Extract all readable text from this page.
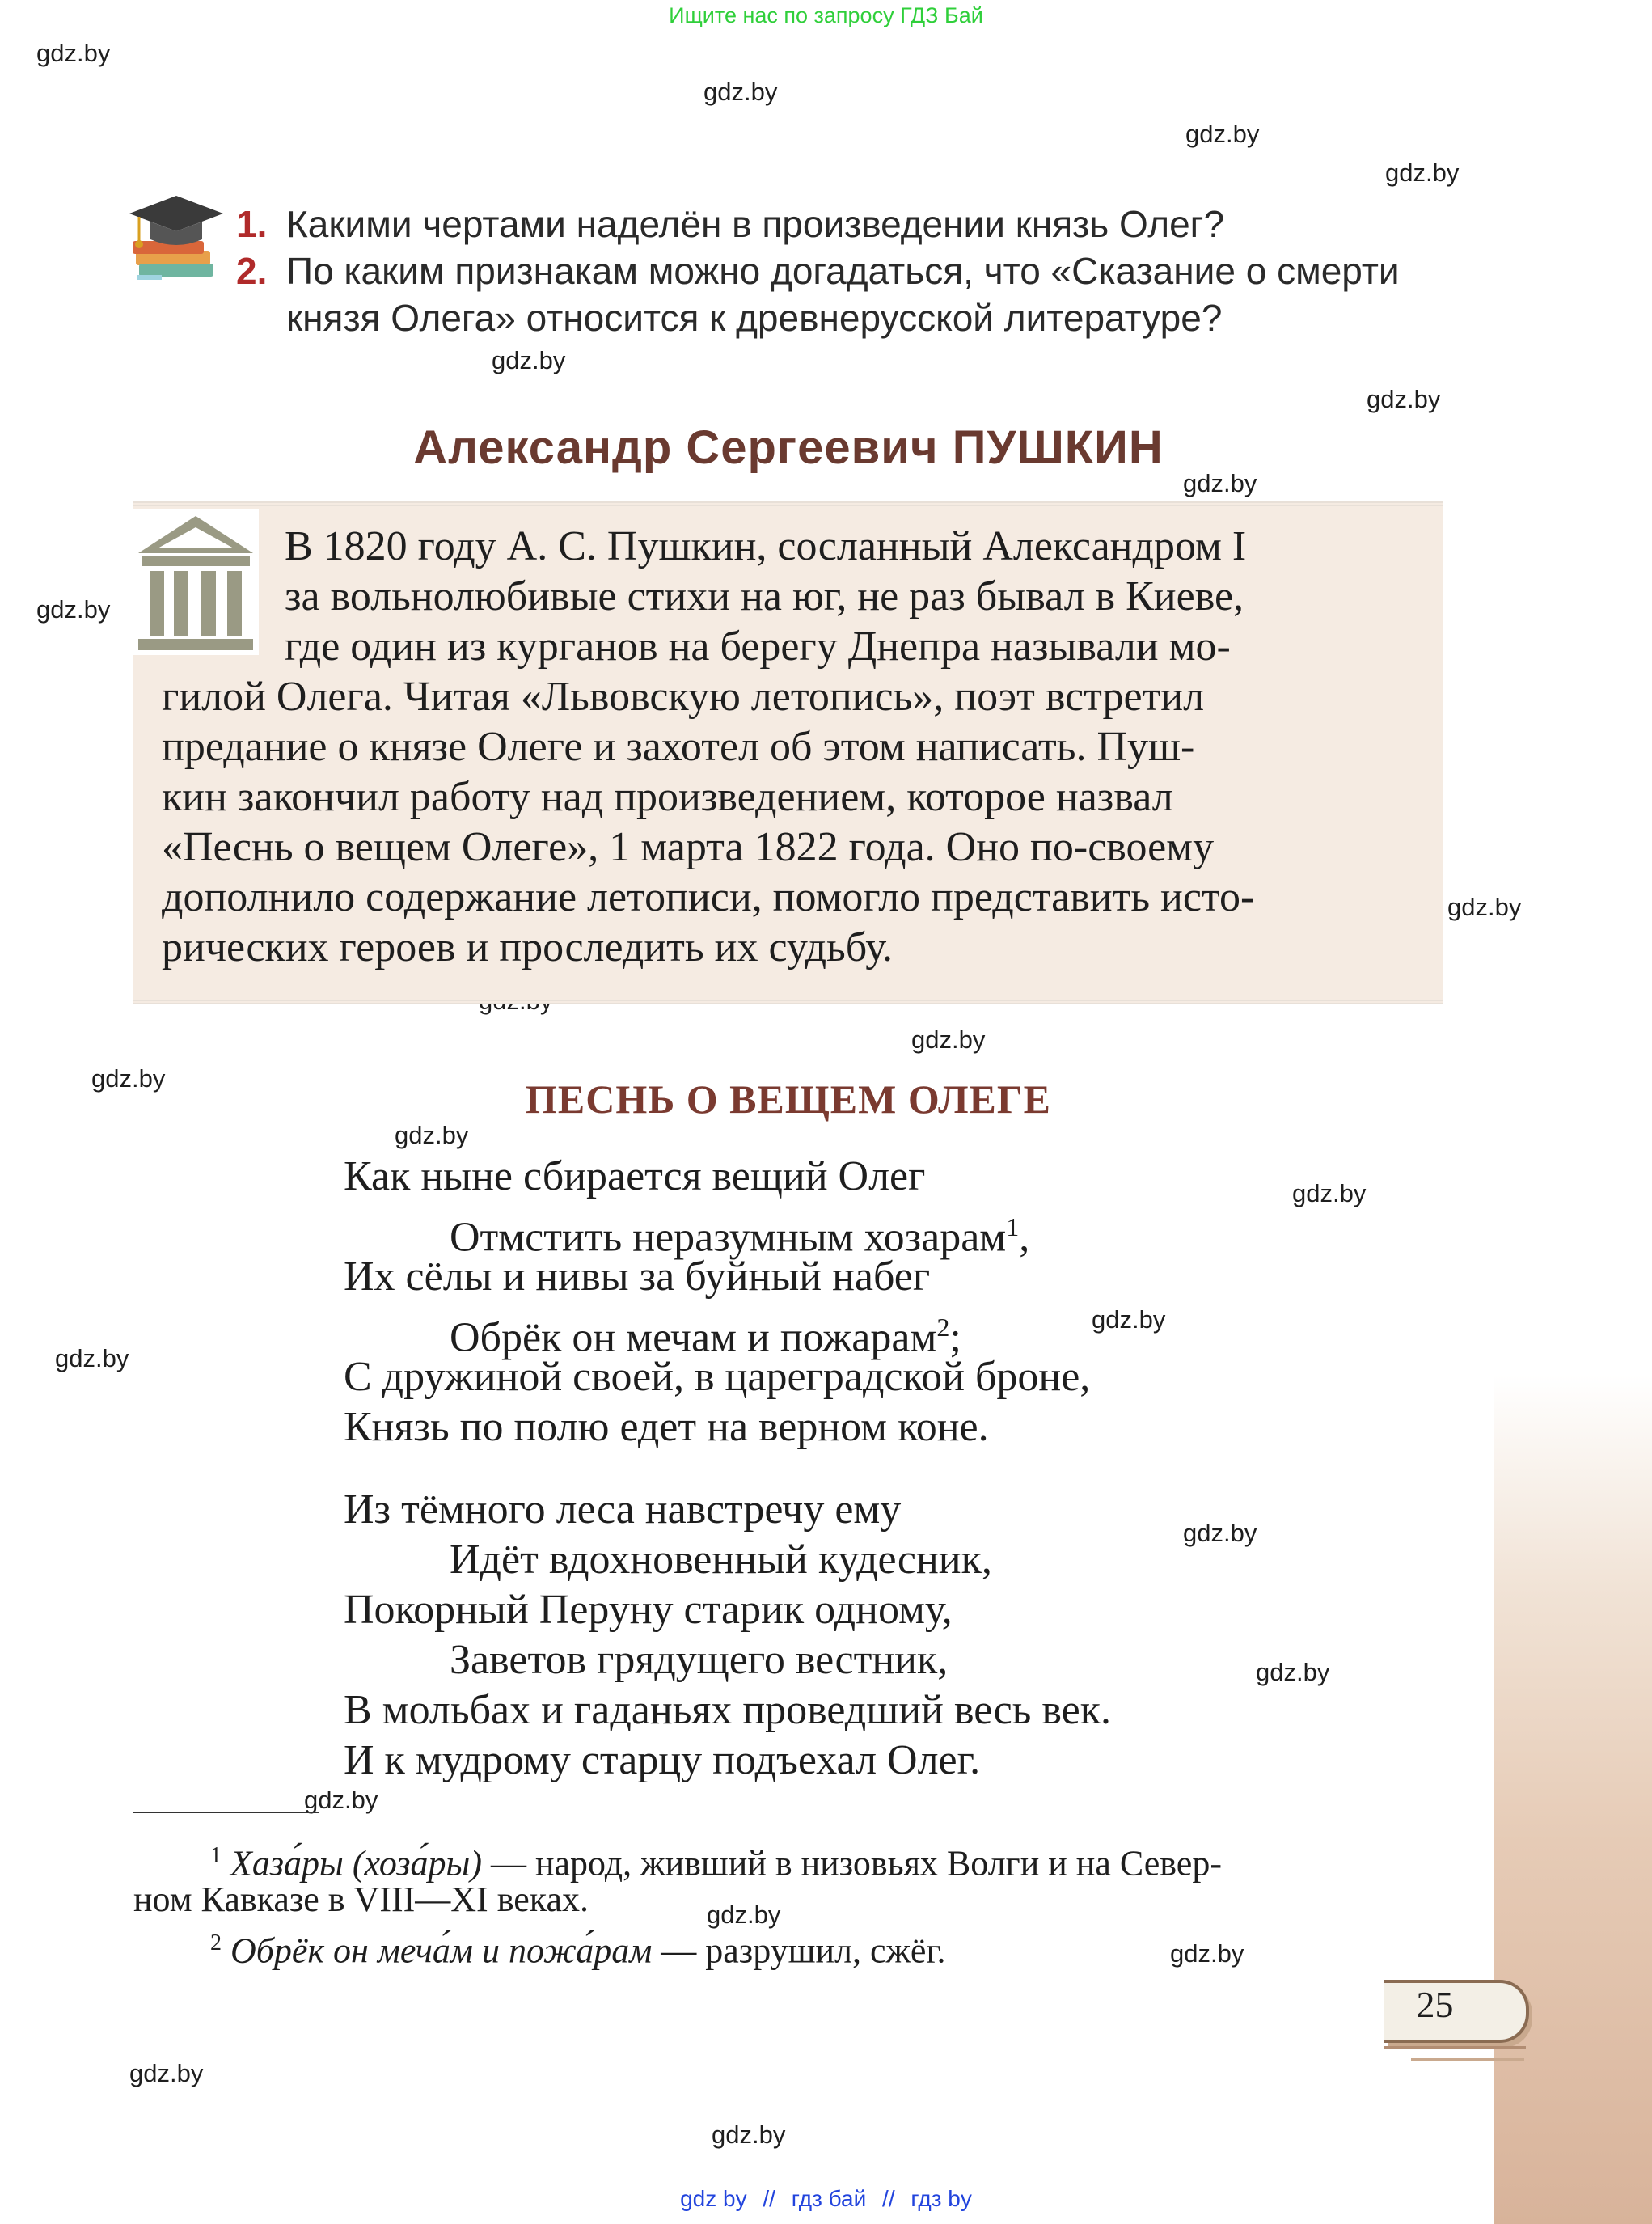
Ищите нас по запросу ГДЗ Бай
gdz.by
gdz.by
gdz.by
gdz.by
gdz.by
gdz.by
gdz.by
gdz.by
gdz.by
gdz.by
gdz.by
gdz.by
gdz.by
gdz.by
gdz.by
gdz.by
gdz.by
gdz.by
gdz.by
gdz.by
gdz.by
gdz.by
1. Какими чертами наделён в произведении князь Олег?
2. По каким признакам можно догадаться, что «Сказание о смерти
князя Олега» относится к древнерусской литературе?
Александр Сергеевич ПУШКИН
В 1820 году А. С. Пушкин, сосланный Александром I
за вольнолюбивые стихи на юг, не раз бывал в Киеве,
где один из курганов на берегу Днепра называли мо-
гилой Олега. Читая «Львовскую летопись», поэт встретил
предание о князе Олеге и захотел об этом написать. Пуш-
кин закончил работу над произведением, которое назвал
«Песнь о вещем Олеге», 1 марта 1822 года. Оно по-своему
дополнило содержание летописи, помогло представить исто-
рических героев и проследить их судьбу.
ПЕСНЬ О ВЕЩЕМ ОЛЕГЕ
Как ныне сбирается вещий Олег
Отмстить неразумным хозарам$^1$,
Их сёлы и нивы за буйный набег
Обрёк он мечам и пожарам$^2$;
С дружиной своей, в цареградской броне,
Князь по полю едет на верном коне.
Из тёмного леса навстречу ему
Идёт вдохновенный кудесник,
Покорный Перуну старик одному,
Заветов грядущего вестник,
В мольбах и гаданьях проведший весь век.
И к мудрому старцу подъехал Олег.
$^1$ Хаза́ры (хоза́ры) — народ, живший в низовьях Волги и на Север-
ном Кавказе в VIII—XI веках.
$^2$ Обрёк он меча́м и пожа́рам — разрушил, сжёг.
25
gdz by // гдз бай // гдз by
